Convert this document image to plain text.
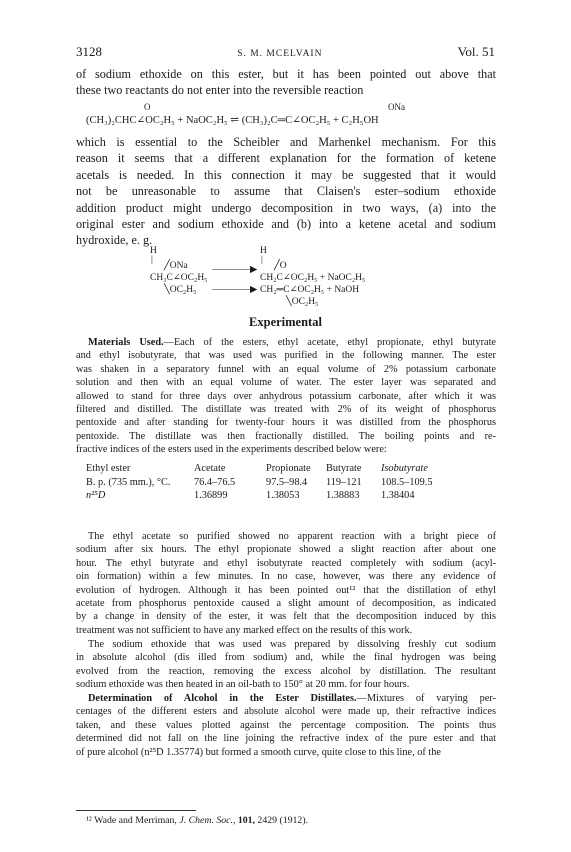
3128	S. M. MCELVAIN	Vol. 51
of sodium ethoxide on this ester, but it has been pointed out above that
these two reactants do not enter into the reversible reaction
O	ONa
(CH₃)₂CHC∠OC₂H₅ + NaOC₂H₅ ⇌ (CH₃)₂C═C∠OC₂H₅ + C₂H₅OH
which is essential to the Scheibler and Marhenkel mechanism. For this
reason it seems that a different explanation for the formation of ketene
acetals is needed. In this connection it may be suggested that it would
not be unreasonable to assume that Claisen's ester–sodium ethoxide
addition product might undergo decomposition in two ways, (a) into the
original ester and sodium ethoxide and (b) into a ketene acetal and sodium
hydroxide, e. g.
H
|
╱ONa
CH₃C∠OC₂H₅
╲OC₂H₅
————▶
————▶
H
|
╱O
CH₂C∠OC₂H₅ + NaOC₂H₅
CH₂═C∠OC₂H₅ + NaOH
╲OC₂H₅
Experimental
Materials Used.—Each of the esters, ethyl acetate, ethyl propionate, ethyl butyrate
and ethyl isobutyrate, that was used was purified in the following manner. The ester
was shaken in a separatory funnel with an equal volume of 2% potassium carbonate
solution and then with an equal volume of water. The ester layer was separated and
allowed to stand for three days over anhydrous potassium carbonate, after which it was
filtered and distilled. The distillate was treated with 2% of its weight of phosphorus
pentoxide and after standing for twenty-four hours it was distilled from the phosphorus
pentoxide. The distillate was then fractionally distilled. The boiling points and re-
fractive indices of the esters used in the experiments described below were:
Ethyl ester	Acetate	Propionate	Butyrate	Isobutyrate
B. p. (735 mm.), °C.	76.4–76.5	97.5–98.4	119–121	108.5–109.5
n²⁵D	1.36899	1.38053	1.38883	1.38404
The ethyl acetate so purified showed no apparent reaction with a bright piece of
sodium after six hours. The ethyl propionate showed a slight reaction after about one
hour. The ethyl butyrate and ethyl isobutyrate reacted completely with sodium (acyl-
oin formation) within a few minutes. In no case, however, was there any evidence of
evolution of hydrogen. Although it has been pointed out¹² that the distillation of ethyl
acetate from phosphorus pentoxide caused a slight amount of decomposition, as indicated
by a change in density of the ester, it was felt that the decomposition induced by this
treatment was not sufficient to have any marked effect on the results of this work.
The sodium ethoxide that was used was prepared by dissolving freshly cut sodium
in absolute alcohol (dis illed from sodium) and, while the final hydrogen was being
evolved from the reaction, removing the excess alcohol by distillation. The resultant
sodium ethoxide was then heated in an oil-bath to 150° at 20 mm. for four hours.
Determination of Alcohol in the Ester Distillates.—Mixtures of varying per-
centages of the different esters and absolute alcohol were made up, their refractive indices
taken, and these values plotted against the percentage composition. The points thus
determined did not fall on the line joining the refractive index of the pure ester and that
of pure alcohol (n²⁵D 1.35774) but formed a smooth curve, quite close to this line, of the
¹² Wade and Merriman, J. Chem. Soc., 101, 2429 (1912).
